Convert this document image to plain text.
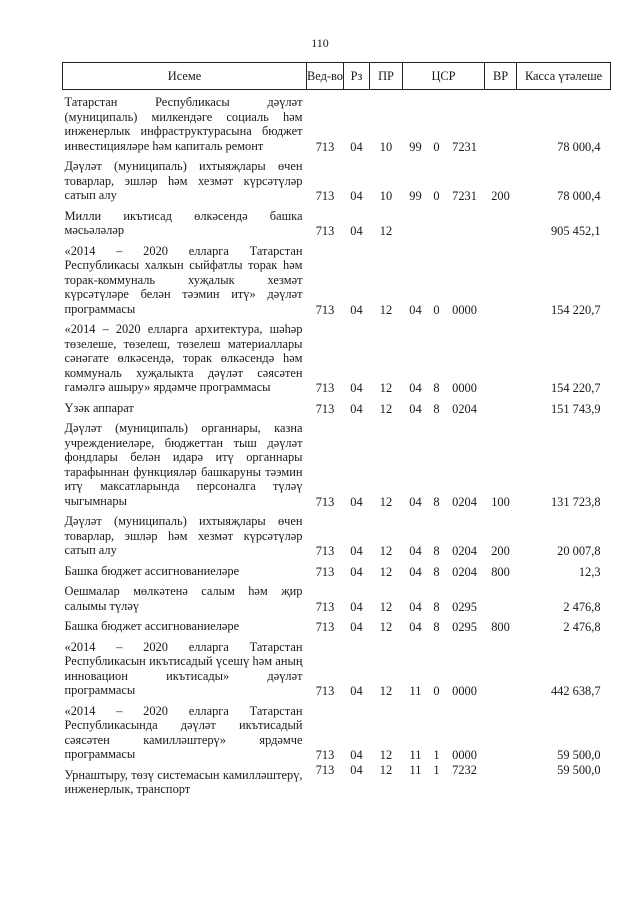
110
Исеме	Вед-во	Рз	ПР	ЦСР			ВР	Касса үтәлеше
Татарстан Республикасы дәүләт (муниципаль) милкендәге социаль һәм инженерлык инфраструктурасына бюджет инвестицияләре һәм капиталь ремонт	713	04	10	99	0	7231		78 000,4
Дәүләт (муниципаль) ихтыяҗлары өчен товарлар, эшләр һәм хезмәт күрсәтүләр сатып алу	713	04	10	99	0	7231	200	78 000,4
Милли икътисад өлкәсендә башка мәсьәләләр	713	04	12					905 452,1
«2014 – 2020 елларга Татарстан Республикасы халкын сыйфатлы торак һәм торак-коммуналь хуҗалык хезмәт күрсәтүләре белән тәэмин итү» дәүләт программасы	713	04	12	04	0	0000		154 220,7
«2014 – 2020 елларга архитектура, шәһәр төзелеше, төзелеш, төзелеш материаллары сәнәгате өлкәсендә, торак өлкәсендә һәм коммуналь хуҗалыкта дәүләт сәясәтен гамәлгә ашыру» ярдәмче программасы	713	04	12	04	8	0000		154 220,7
Үзәк аппарат	713	04	12	04	8	0204		151 743,9
Дәүләт (муниципаль) органнары, казна учреждениеләре, бюджеттан тыш дәүләт фондлары белән идарә итү органнары тарафыннан функцияләр башкаруны тәэмин итү максатларында персоналга түләү чыгымнары	713	04	12	04	8	0204	100	131 723,8
Дәүләт (муниципаль) ихтыяҗлары өчен товарлар, эшләр һәм хезмәт күрсәтүләр сатып алу	713	04	12	04	8	0204	200	20 007,8
Башка бюджет ассигнованиеләре	713	04	12	04	8	0204	800	12,3
Оешмалар мөлкәтенә салым һәм җир салымы түләү	713	04	12	04	8	0295		2 476,8
Башка бюджет ассигнованиеләре	713	04	12	04	8	0295	800	2 476,8
«2014 – 2020 елларга Татарстан Республикасын икътисадый үсешү һәм аның инновацион икътисады» дәүләт программасы	713	04	12	11	0	0000		442 638,7
«2014 – 2020 елларга Татарстан Республикасында дәүләт икътисадый сәясәтен камилләштерү» ярдәмче программасы	713	04	12	11	1	0000		59 500,0
Урнаштыру, төзү системасын камилләштерү, инженерлык, транспорт	713	04	12	11	1	7232		59 500,0
